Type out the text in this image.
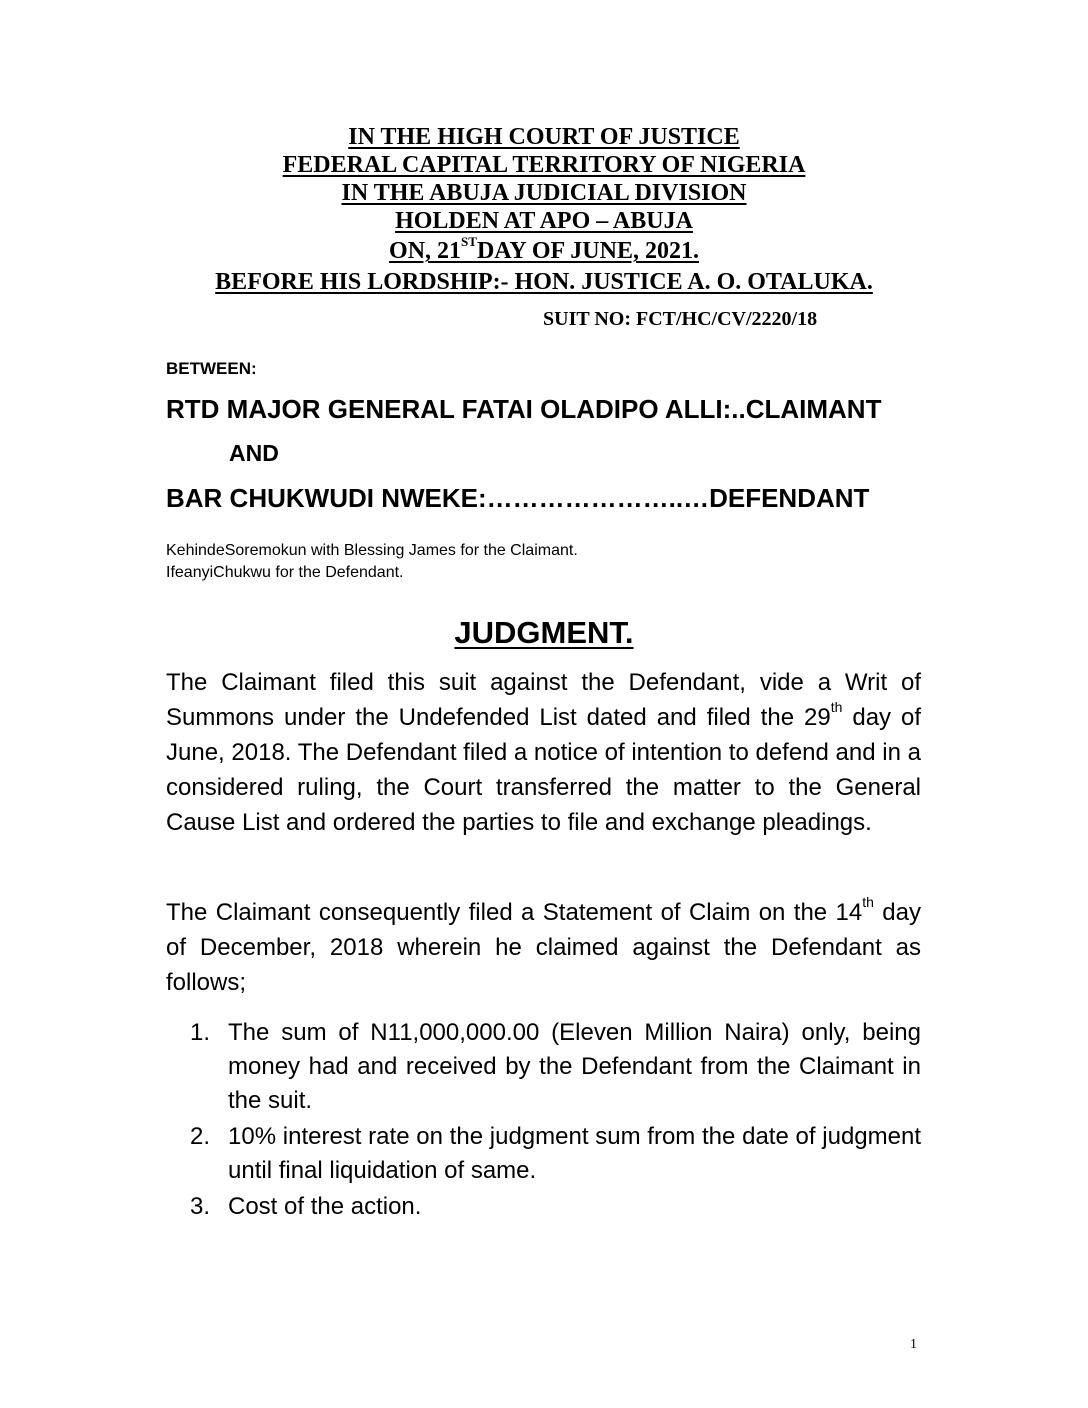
IN THE HIGH COURT OF JUSTICE
FEDERAL CAPITAL TERRITORY OF NIGERIA
IN THE ABUJA JUDICIAL DIVISION
HOLDEN AT APO – ABUJA
ON, 21STDAY OF JUNE, 2021.
BEFORE HIS LORDSHIP:- HON. JUSTICE A. O. OTALUKA.
SUIT NO: FCT/HC/CV/2220/18
BETWEEN:
RTD MAJOR GENERAL FATAI OLADIPO ALLI:..CLAIMANT
AND
BAR CHUKWUDI NWEKE:…………………..…DEFENDANT
KehindeSoremokun with Blessing James for the Claimant.
IfeanyiChukwu for the Defendant.
JUDGMENT.

The Claimant filed this suit against the Defendant, vide a Writ of Summons under the Undefended List dated and filed the 29th day of June, 2018. The Defendant filed a notice of intention to defend and in a considered ruling, the Court transferred the matter to the General Cause List and ordered the parties to file and exchange pleadings.

The Claimant consequently filed a Statement of Claim on the 14th day of December, 2018 wherein he claimed against the Defendant as follows;

1. The sum of N11,000,000.00 (Eleven Million Naira) only, being money had and received by the Defendant from the Claimant in the suit.
2. 10% interest rate on the judgment sum from the date of judgment until final liquidation of same.
3. Cost of the action.
1
